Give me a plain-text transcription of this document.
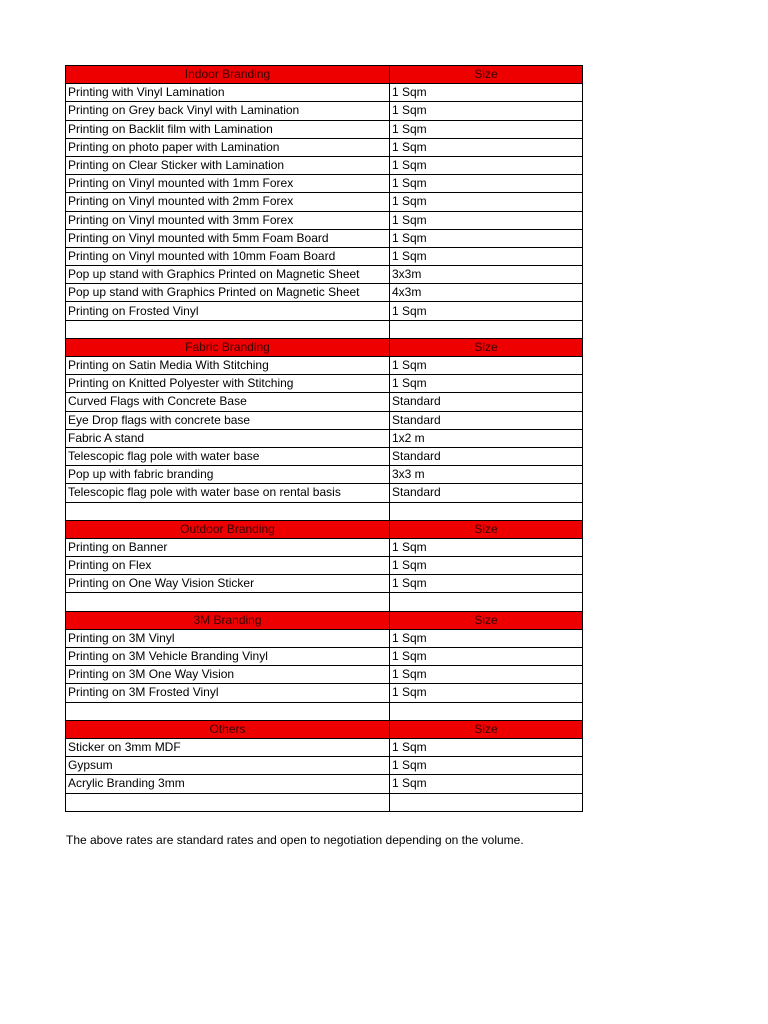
Indoor Branding	Size
Printing with Vinyl Lamination	1 Sqm
Printing on Grey back Vinyl with Lamination	1 Sqm
Printing on Backlit film with Lamination	1 Sqm
Printing on photo paper with Lamination	1 Sqm
Printing on Clear Sticker with Lamination	1 Sqm
Printing on Vinyl mounted with 1mm Forex	1 Sqm
Printing on Vinyl mounted with 2mm Forex	1 Sqm
Printing on Vinyl mounted with 3mm Forex	1 Sqm
Printing on Vinyl mounted with 5mm Foam Board	1 Sqm
Printing on Vinyl mounted with 10mm Foam Board	1 Sqm
Pop up stand with Graphics Printed on Magnetic Sheet	3x3m
Pop up stand with Graphics Printed on Magnetic Sheet	4x3m
Printing on Frosted Vinyl	1 Sqm

Fabric Branding	Size
Printing on Satin Media With Stitching	1 Sqm
Printing on Knitted Polyester with Stitching	1 Sqm
Curved Flags with Concrete Base	Standard
Eye Drop flags with concrete base	Standard
Fabric A stand	1x2 m
Telescopic flag pole with water base	Standard
Pop up with fabric branding	3x3 m
Telescopic flag pole with water base on rental basis	Standard

Outdoor Branding	Size
Printing on Banner	1 Sqm
Printing on Flex	1 Sqm
Printing on One Way Vision Sticker	1 Sqm

3M Branding	Size
Printing on 3M Vinyl	1 Sqm
Printing on 3M Vehicle Branding Vinyl	1 Sqm
Printing on 3M One Way Vision	1 Sqm
Printing on 3M Frosted Vinyl	1 Sqm

Others	Size
Sticker on 3mm MDF	1 Sqm
Gypsum	1 Sqm
Acrylic Branding 3mm	1 Sqm

The above rates are standard rates and open to negotiation depending on the volume.
